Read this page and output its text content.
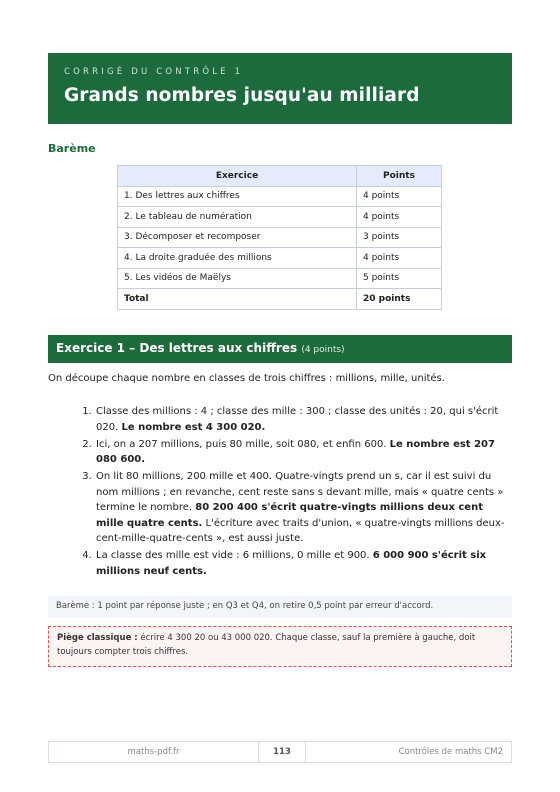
CORRIGÉ DU CONTRÔLE 1

Grands nombres jusqu'au milliard
Barème
Exercice	Points
1. Des lettres aux chiffres	4 points
2. Le tableau de numération	4 points
3. Décomposer et recomposer	3 points
4. La droite graduée des millions	4 points
5. Les vidéos de Maëlys	5 points
Total	20 points
Exercice 1 – Des lettres aux chiffres (4 points)
On découpe chaque nombre en classes de trois chiffres : millions, mille, unités.
1. Classe des millions : 4 ; classe des mille : 300 ; classe des unités : 20, qui s'écrit 020. Le nombre est 4 300 020.
2. Ici, on a 207 millions, puis 80 mille, soit 080, et enfin 600. Le nombre est 207 080 600.
3. On lit 80 millions, 200 mille et 400. Quatre-vingts prend un s, car il est suivi du nom millions ; en revanche, cent reste sans s devant mille, mais « quatre cents » termine le nombre. 80 200 400 s'écrit quatre-vingts millions deux cent mille quatre cents. L'écriture avec traits d'union, « quatre-vingts millions deux-cent-mille-quatre-cents », est aussi juste.
4. La classe des mille est vide : 6 millions, 0 mille et 900. 6 000 900 s'écrit six millions neuf cents.
Barème : 1 point par réponse juste ; en Q3 et Q4, on retire 0,5 point par erreur d'accord.
Piège classique : écrire 4 300 20 ou 43 000 020. Chaque classe, sauf la première à gauche, doit toujours compter trois chiffres.
maths-pdf.fr	113	Contrôles de maths CM2
